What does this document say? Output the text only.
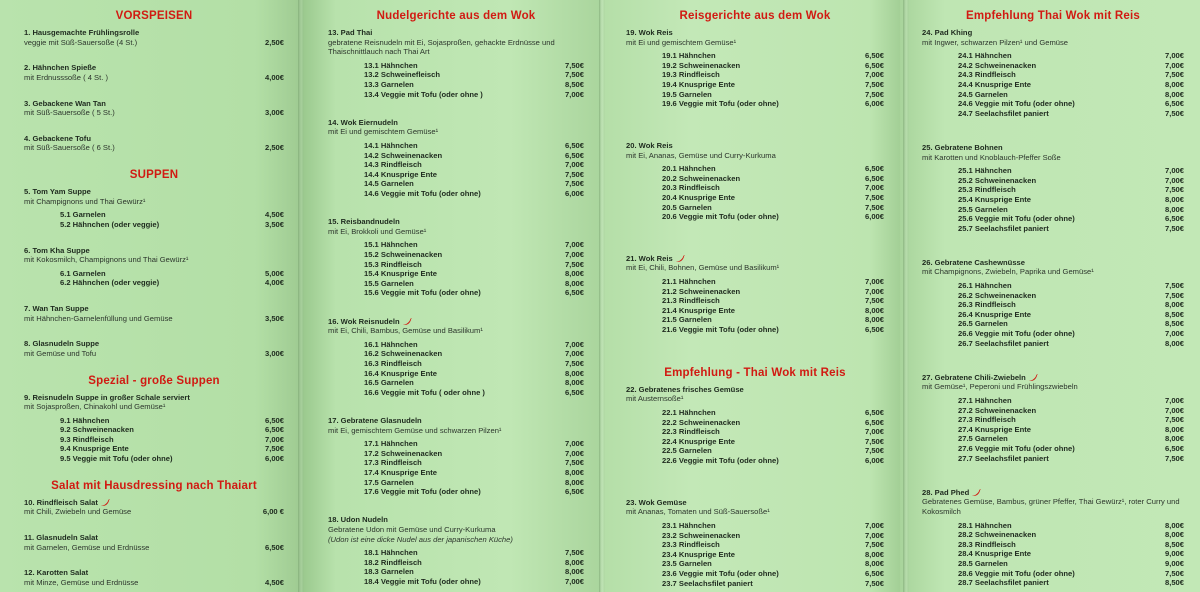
VORSPEISEN
1. Hausgemachte Frühlingsrolle
veggie mit Süß-Sauersoße (4 St.)	2,50€
2. Hähnchen Spieße
mit Erdnusssoße ( 4 St. )	4,00€
3. Gebackene Wan Tan
mit Süß-Sauersoße ( 5 St.)	3,00€
4. Gebackene Tofu
mit Süß-Sauersoße ( 6 St.)	2,50€
SUPPEN
5. Tom Yam Suppe
mit Champignons und Thai Gewürz¹
5.1 Garnelen	4,50€
5.2 Hähnchen (oder veggie)	3,50€
6. Tom Kha Suppe
mit Kokosmilch, Champignons und Thai Gewürz¹
6.1 Garnelen	5,00€
6.2 Hähnchen (oder veggie)	4,00€
7. Wan Tan Suppe
mit Hähnchen-Garnelenfüllung und Gemüse	3,50€
8. Glasnudeln Suppe
mit Gemüse und Tofu	3,00€
Spezial - große Suppen
9. Reisnudeln Suppe in großer Schale serviert
mit Sojasproßen, Chinakohl und Gemüse¹
9.1 Hähnchen	6,50€
9.2 Schweinenacken	6,50€
9.3 Rindfleisch	7,00€
9.4 Knusprige Ente	7,50€
9.5 Veggie mit Tofu (oder ohne)	6,00€
Salat mit Hausdressing nach Thaiart
10. Rindfleisch Salat
mit Chili, Zwiebeln und Gemüse	6,00 €
11. Glasnudeln Salat
mit Garnelen, Gemüse und Erdnüsse	6,50€
12. Karotten Salat
mit Minze, Gemüse und Erdnüsse	4,50€
Nudelgerichte aus dem Wok
13. Pad Thai
gebratene Reisnudeln mit Ei, Sojasproßen, gehackte Erdnüsse und Thaischnittlauch nach Thai Art
13.1 Hähnchen	7,50€
13.2 Schweinefleisch	7,50€
13.3 Garnelen	8,50€
13.4 Veggie mit Tofu (oder ohne )	7,00€
14. Wok Eiernudeln
mit Ei und gemischtem Gemüse¹
14.1 Hähnchen	6,50€
14.2 Schweinenacken	6,50€
14.3 Rindfleisch	7,00€
14.4 Knusprige Ente	7,50€
14.5 Garnelen	7,50€
14.6 Veggie mit Tofu (oder ohne)	6,00€
15. Reisbandnudeln
mit Ei, Brokkoli und Gemüse¹
15.1 Hähnchen	7,00€
15.2 Schweinenacken	7,00€
15.3 Rindfleisch	7,50€
15.4 Knusprige Ente	8,00€
15.5 Garnelen	8,00€
15.6 Veggie mit Tofu (oder ohne)	6,50€
16. Wok Reisnudeln
mit Ei, Chili, Bambus, Gemüse und Basilikum¹
16.1 Hähnchen	7,00€
16.2 Schweinenacken	7,00€
16.3 Rindfleisch	7,50€
16.4 Knusprige Ente	8,00€
16.5 Garnelen	8,00€
16.6 Veggie mit Tofu ( oder ohne )	6,50€
17. Gebratene Glasnudeln
mit Ei, gemischtem Gemüse und schwarzen Pilzen¹
17.1 Hähnchen	7,00€
17.2 Schweinenacken	7,00€
17.3 Rindfleisch	7,50€
17.4 Knusprige Ente	8,00€
17.5 Garnelen	8,00€
17.6 Veggie mit Tofu (oder ohne)	6,50€
18. Udon Nudeln
Gebratene Udon mit Gemüse und Curry-Kurkuma
(Udon ist eine dicke Nudel aus der japanischen Küche)
18.1 Hähnchen	7,50€
18.2 Rindfleisch	8,00€
18.3 Garnelen	8,00€
18.4 Veggie mit Tofu (oder ohne)	7,00€
Reisgerichte aus dem Wok
19. Wok Reis
mit Ei und gemischtem Gemüse¹
19.1 Hähnchen	6,50€
19.2 Schweinenacken	6,50€
19.3 Rindfleisch	7,00€
19.4 Knusprige Ente	7,50€
19.5 Garnelen	7,50€
19.6 Veggie mit Tofu (oder ohne)	6,00€
20. Wok Reis
mit Ei, Ananas, Gemüse und Curry-Kurkuma
20.1 Hähnchen	6,50€
20.2 Schweinenacken	6,50€
20.3 Rindfleisch	7,00€
20.4 Knusprige Ente	7,50€
20.5 Garnelen	7,50€
20.6 Veggie mit Tofu (oder ohne)	6,00€
21. Wok Reis
mit Ei, Chili, Bohnen, Gemüse und Basilikum¹
21.1 Hähnchen	7,00€
21.2 Schweinenacken	7,00€
21.3 Rindfleisch	7,50€
21.4 Knusprige Ente	8,00€
21.5 Garnelen	8,00€
21.6 Veggie mit Tofu (oder ohne)	6,50€
Empfehlung - Thai Wok mit Reis
22. Gebratenes frisches Gemüse
mit Austernsoße¹
22.1 Hähnchen	6,50€
22.2 Schweinenacken	6,50€
22.3 Rindfleisch	7,00€
22.4 Knusprige Ente	7,50€
22.5 Garnelen	7,50€
22.6 Veggie mit Tofu (oder ohne)	6,00€
23. Wok Gemüse
mit Ananas, Tomaten und Süß-Sauersoße¹
23.1 Hähnchen	7,00€
23.2 Schweinenacken	7,00€
23.3 Rindfleisch	7,50€
23.4 Knusprige Ente	8,00€
23.5 Garnelen	8,00€
23.6 Veggie mit Tofu (oder ohne)	6,50€
23.7 Seelachsfilet paniert	7,50€
Empfehlung Thai Wok mit Reis
24. Pad Khing
mit Ingwer, schwarzen Pilzen¹ und Gemüse
24.1 Hähnchen	7,00€
24.2 Schweinenacken	7,00€
24.3 Rindfleisch	7,50€
24.4 Knusprige Ente	8,00€
24.5 Garnelen	8,00€
24.6 Veggie mit Tofu (oder ohne)	6,50€
24.7 Seelachsfilet paniert	7,50€
25. Gebratene Bohnen
mit Karotten und Knoblauch-Pfeffer Soße
25.1 Hähnchen	7,00€
25.2 Schweinenacken	7,00€
25.3 Rindfleisch	7,50€
25.4 Knusprige Ente	8,00€
25.5 Garnelen	8,00€
25.6 Veggie mit Tofu (oder ohne)	6,50€
25.7 Seelachsfilet paniert	7,50€
26. Gebratene Cashewnüsse
mit Champignons, Zwiebeln, Paprika und Gemüse¹
26.1 Hähnchen	7,50€
26.2 Schweinenacken	7,50€
26.3 Rindfleisch	8,00€
26.4 Knusprige Ente	8,50€
26.5 Garnelen	8,50€
26.6 Veggie mit Tofu (oder ohne)	7,00€
26.7 Seelachsfilet paniert	8,00€
27. Gebratene Chili-Zwiebeln
mit Gemüse¹, Peperoni und Frühlingszwiebeln
27.1 Hähnchen	7,00€
27.2 Schweinenacken	7,00€
27.3 Rindfleisch	7,50€
27.4 Knusprige Ente	8,00€
27.5 Garnelen	8,00€
27.6 Veggie mit Tofu (oder ohne)	6,50€
27.7 Seelachsfilet paniert	7,50€
28. Pad Phed
Gebratenes Gemüse, Bambus, grüner Pfeffer, Thai Gewürz¹, roter Curry und Kokosmilch
28.1 Hähnchen	8,00€
28.2 Schweinenacken	8,00€
28.3 Rindfleisch	8,50€
28.4 Knusprige Ente	9,00€
28.5 Garnelen	9,00€
28.6 Veggie mit Tofu (oder ohne)	7,50€
28.7 Seelachsfilet paniert	8,50€
